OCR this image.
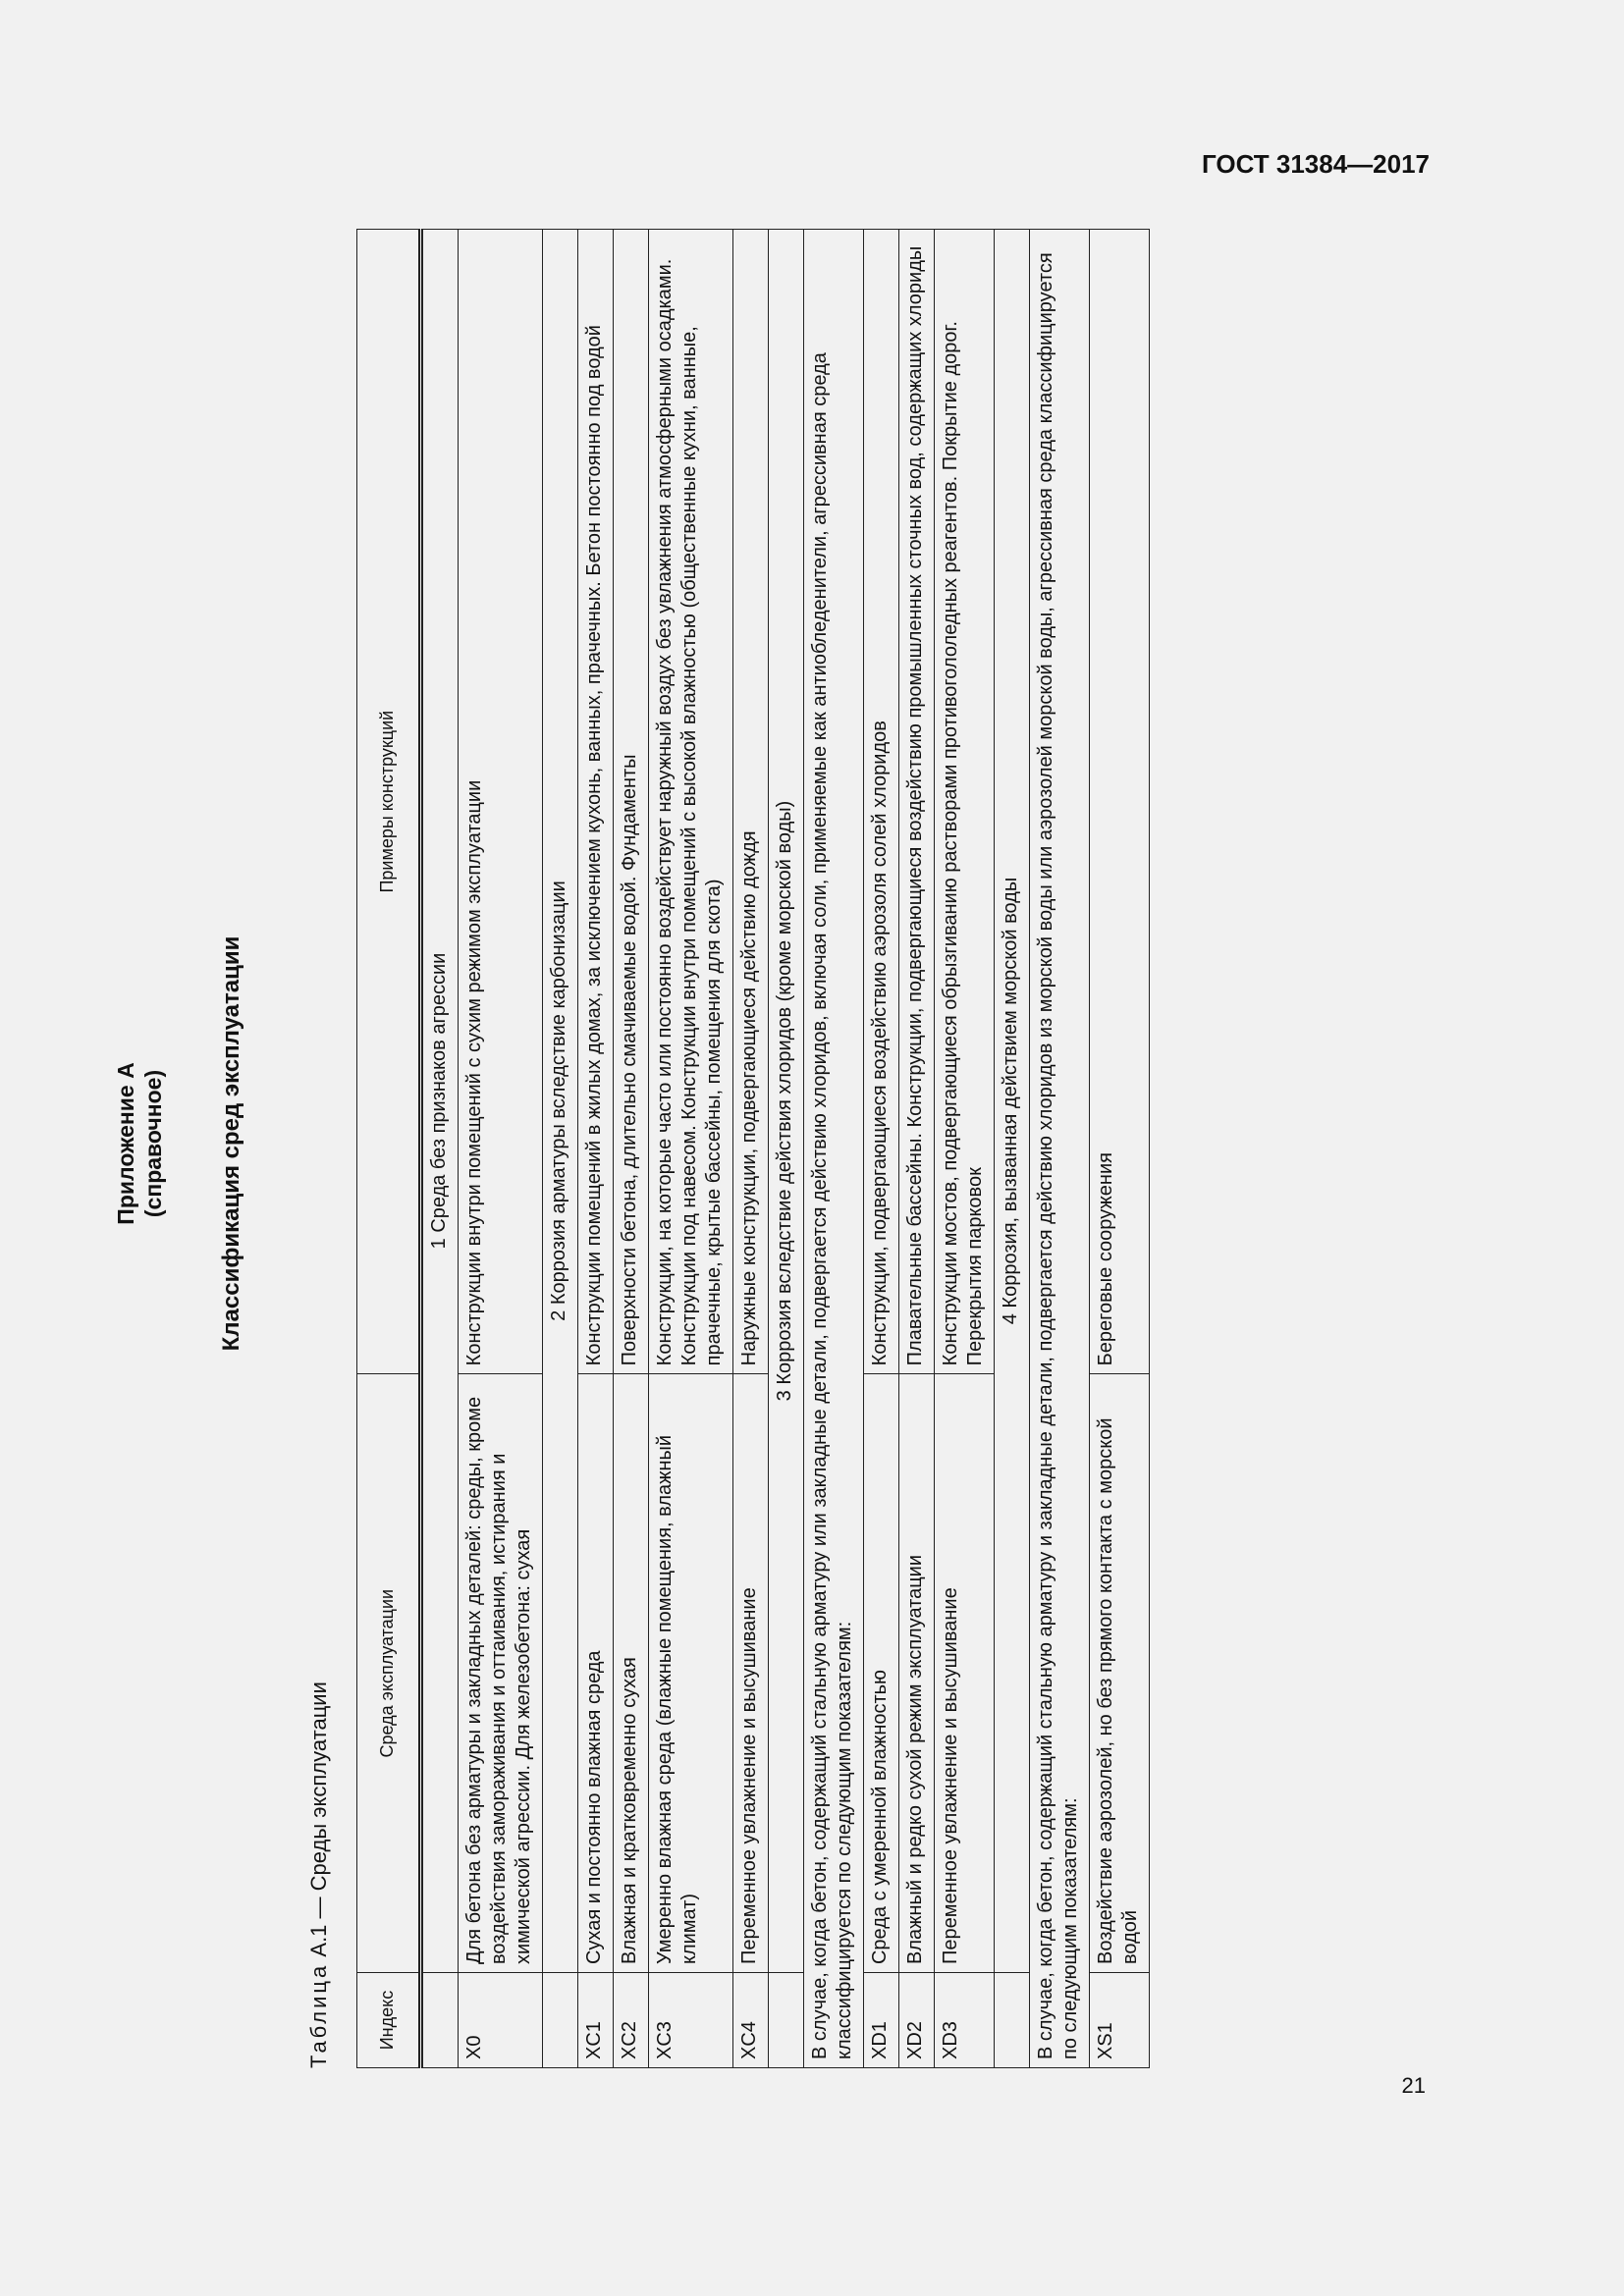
ГОСТ 31384—2017
Приложение А (справочное) Классификация сред эксплуатации
Таблица А.1 — Среды эксплуатации
Индекс	Среда эксплуатации	Примеры конструкций
	1 Среда без признаков агрессии	
X0	Для бетона без арматуры и закладных деталей: среды, кроме воздействия замораживания и оттаивания, истирания и химической агрессии. Для железобетона: сухая	Конструкции внутри помещений с сухим режимом эксплуатации
	2 Коррозия арматуры вследствие карбонизации	
XC1	Сухая и постоянно влажная среда	Конструкции помещений в жилых домах, за исключением кухонь, ванных, прачечных. Бетон постоянно под водой
XC2	Влажная и кратковременно сухая	Поверхности бетона, длительно смачиваемые водой. Фундаменты
XC3	Умеренно влажная среда (влажные помещения, влажный климат)	Конструкции, на которые часто или постоянно воздействует наружный воздух без увлажнения атмосферными осадками. Конструкции под навесом. Конструкции внутри помещений с высокой влажностью (общественные кухни, ванные, прачечные, крытые бассейны, помещения для скота)
XC4	Переменное увлажнение и высушивание	Наружные конструкции, подвергающиеся действию дождя
	3 Коррозия вследствие действия хлоридов (кроме морской воды)	
В случае, когда бетон, содержащий стальную арматуру или закладные детали, подвергается действию хлоридов, включая соли, применяемые как антиобледенители, агрессивная среда классифицируется по следующим показателям:		
XD1	Среда с умеренной влажностью	Конструкции, подвергающиеся воздействию аэрозоля солей хлоридов
XD2	Влажный и редко сухой режим эксплуатации	Плавательные бассейны. Конструкции, подвергающиеся воздействию промышленных сточных вод, содержащих хлориды
XD3	Переменное увлажнение и высушивание	Конструкции мостов, подвергающиеся обрызгиванию растворами противогололедных реагентов. Покрытие дорог. Перекрытия парковок
	4 Коррозия, вызванная действием морской воды	
В случае, когда бетон, содержащий стальную арматуру и закладные детали, подвергается действию хлоридов из морской воды или аэрозолей морской воды, агрессивная среда классифицируется по следующим показателям:		
XS1	Воздействие аэрозолей, но без прямого контакта с морской водой	Береговые сооружения
21
